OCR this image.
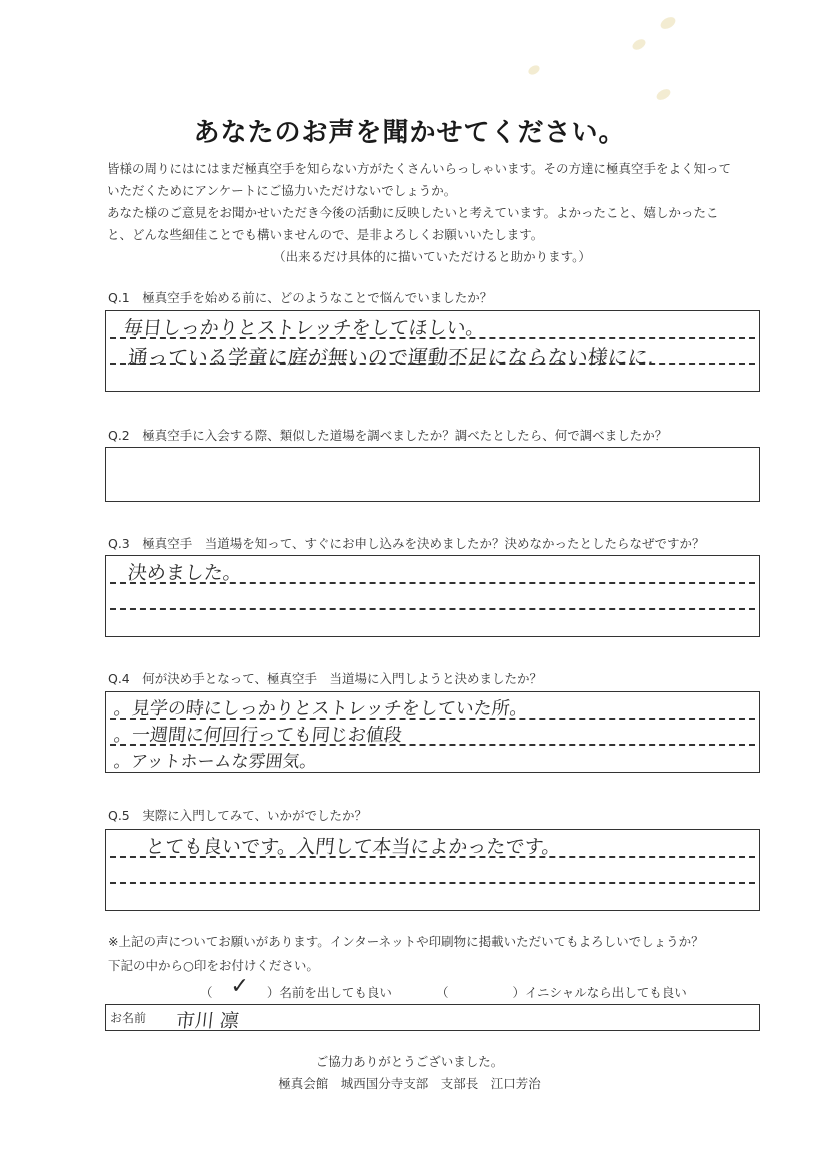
あなたのお声を聞かせてください。

皆様の周りにはにはまだ極真空手を知らない方がたくさんいらっしゃいます。その方達に極真空手をよく知って

いただくためにアンケートにご協力いただけないでしょうか。

あなた様のご意見をお聞かせいただき今後の活動に反映したいと考えています。よかったこと、嬉しかったこ

と、どんな些細佳ことでも構いませんので、是非よろしくお願いいたします。

（出来るだけ具体的に描いていただけると助かります。）

Q.1　極真空手を始める前に、どのようなことで悩んでいましたか？
毎日しっかりとストレッチをしてほしい。
通っている学童に庭が無いので運動不足にならない様にに.
Q.2　極真空手に入会する際、類似した道場を調べましたか？調べたとしたら、何で調べましたか？
Q.3　極真空手　当道場を知って、すぐにお申し込みを決めましたか？決めなかったとしたらなぜですか？
決めました。
Q.4　何が決め手となって、極真空手　当道場に入門しようと決めましたか？
。見学の時にしっかりとストレッチをしていた所。
。一週間に何回行っても同じお値段
。アットホームな雰囲気。
Q.5　実際に入門してみて、いかがでしたか？
とても良いです。入門して本当によかったです。
※上記の声についてお願いがあります。インターネットや印刷物に掲載いただいてもよろしいでしょうか？
下記の中から○印をお付けください。
（ ✓ ）名前を出しても良い	（	）イニシャルなら出しても良い
お名前 市川 凛
ご協力ありがとうございました。
極真会館　城西国分寺支部　支部長　江口芳治
